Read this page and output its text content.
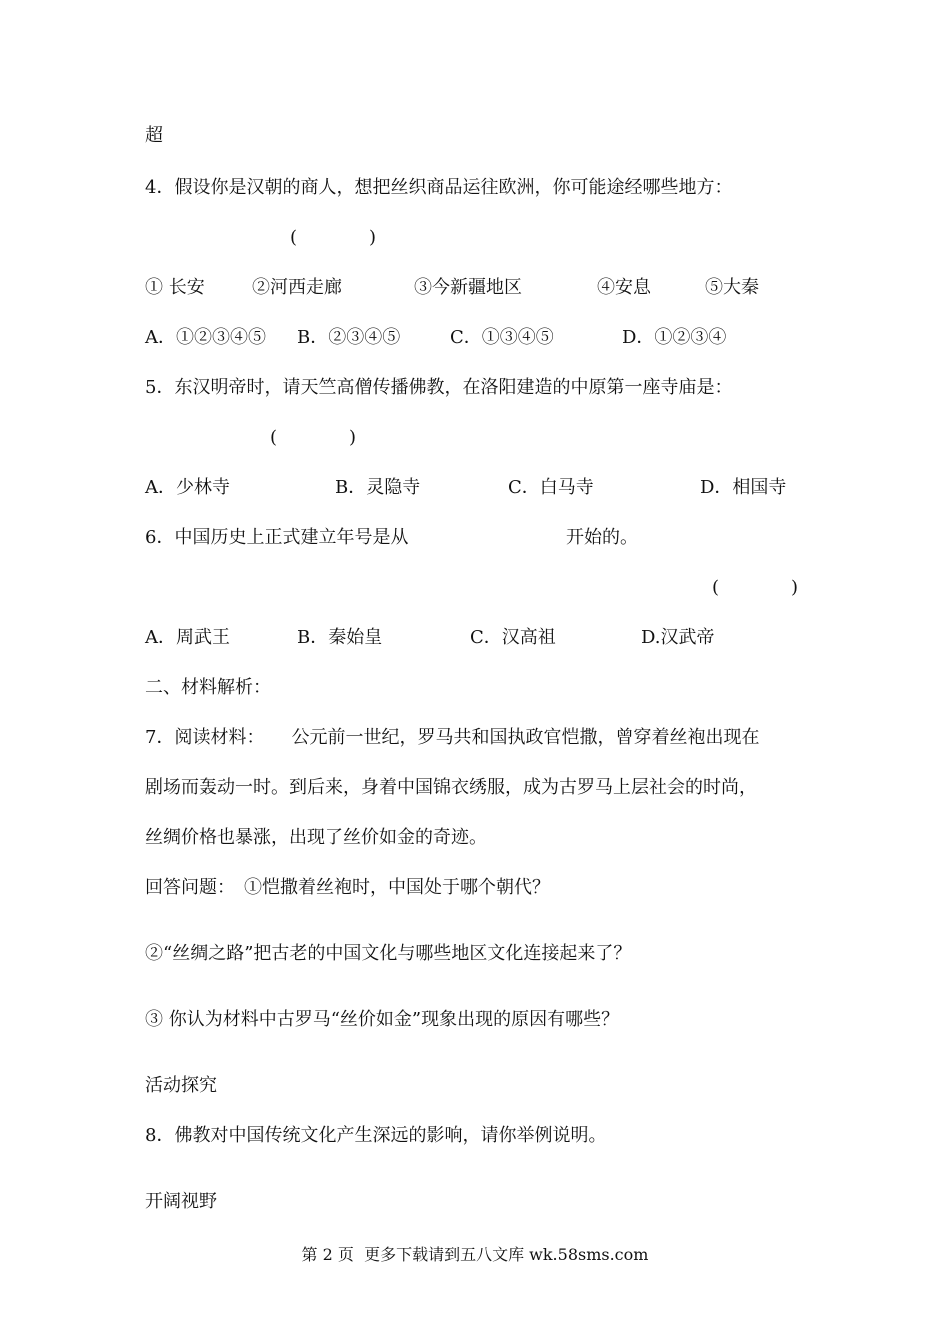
超

4．假设你是汉朝的商人，想把丝织商品运往欧洲，你可能途经哪些地方：

(　　　　)

① 长安	②河西走廊	③今新疆地区	④安息	⑤大秦

A．①②③④⑤ B．②③④⑤	C．①③④⑤	D．①②③④

5．东汉明帝时，请天竺高僧传播佛教，在洛阳建造的中原第一座寺庙是：

(　　　　)

A．少林寺	B．灵隐寺	C．白马寺	D．相国寺

6．中国历史上正式建立年号是从	开始的。

(　　　　)

A．周武王	B．秦始皇	C．汉高祖	D.汉武帝

二、材料解析：

7．阅读材料：　　公元前一世纪，罗马共和国执政官恺撒，曾穿着丝袍出现在

剧场而轰动一时。到后来，身着中国锦衣绣服，成为古罗马上层社会的时尚，

丝绸价格也暴涨，出现了丝价如金的奇迹。

回答问题：　①恺撒着丝袍时，中国处于哪个朝代？

②“丝绸之路”把古老的中国文化与哪些地区文化连接起来了？

③ 你认为材料中古罗马“丝价如金”现象出现的原因有哪些？

活动探究

8．佛教对中国传统文化产生深远的影响，请你举例说明。

开阔视野

第 2 页  更多下载请到五八文库 wk.58sms.com
